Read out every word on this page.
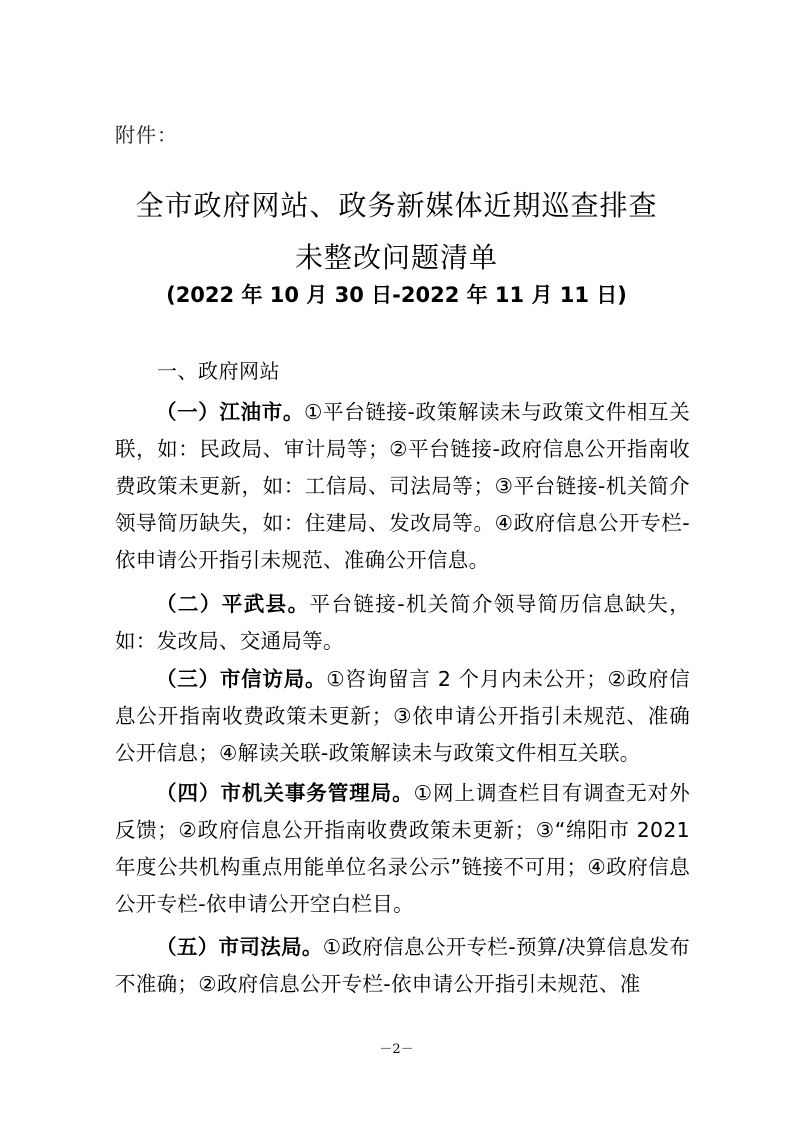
附件：
全市政府网站、政务新媒体近期巡查排查
未整改问题清单
(2022 年 10 月 30 日-2022 年 11 月 11 日)
一、政府网站

（一）江油市。①平台链接-政策解读未与政策文件相互关联，如：民政局、审计局等；②平台链接-政府信息公开指南收费政策未更新，如：工信局、司法局等；③平台链接-机关简介领导简历缺失，如：住建局、发改局等。④政府信息公开专栏-依申请公开指引未规范、准确公开信息。

（二）平武县。平台链接-机关简介领导简历信息缺失，如：发改局、交通局等。

（三）市信访局。①咨询留言 2 个月内未公开；②政府信息公开指南收费政策未更新；③依申请公开指引未规范、准确公开信息；④解读关联-政策解读未与政策文件相互关联。

（四）市机关事务管理局。①网上调查栏目有调查无对外反馈；②政府信息公开指南收费政策未更新；③“绵阳市 2021 年度公共机构重点用能单位名录公示”链接不可用；④政府信息公开专栏-依申请公开空白栏目。

（五）市司法局。①政府信息公开专栏-预算/决算信息发布不准确；②政府信息公开专栏-依申请公开指引未规范、准

－2－
